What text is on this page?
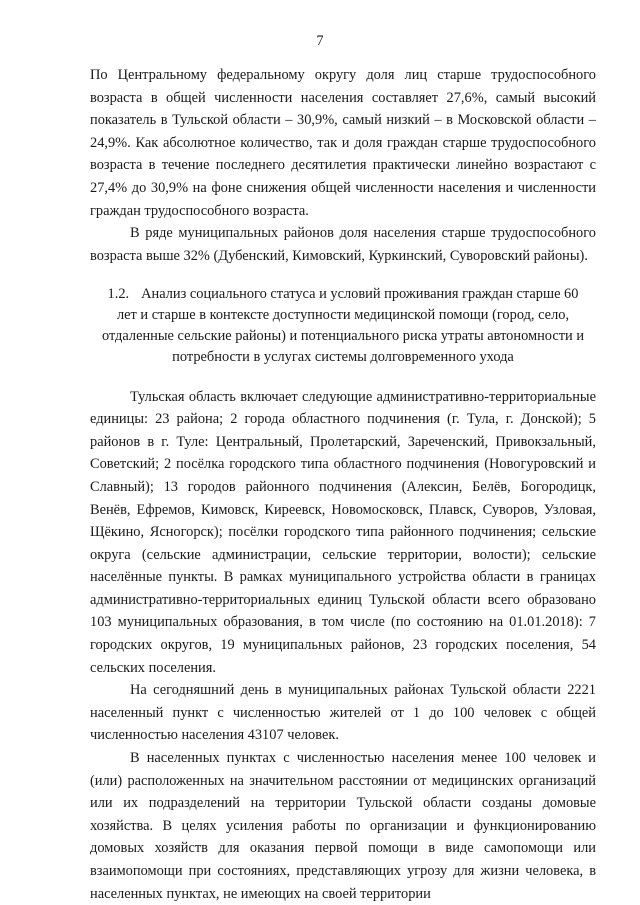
7

По Центральному федеральному округу доля лиц старше трудоспособного возраста в общей численности населения составляет 27,6%, самый высокий показатель в Тульской области – 30,9%, самый низкий – в Московской области – 24,9%. Как абсолютное количество, так и доля граждан старше трудоспособного возраста в течение последнего десятилетия практически линейно возрастают с 27,4% до 30,9% на фоне снижения общей численности населения и численности граждан трудоспособного возраста.

В ряде муниципальных районов доля населения старше трудоспособного возраста выше 32% (Дубенский, Кимовский, Куркинский, Суворовский районы).

1.2. Анализ социального статуса и условий проживания граждан старше 60 лет и старше в контексте доступности медицинской помощи (город, село, отдаленные сельские районы) и потенциального риска утраты автономности и потребности в услугах системы долговременного ухода

Тульская область включает следующие административно-территориальные единицы: 23 района; 2 города областного подчинения (г. Тула, г. Донской); 5 районов в г. Туле: Центральный, Пролетарский, Зареченский, Привокзальный, Советский; 2 посёлка городского типа областного подчинения (Новогуровский и Славный); 13 городов районного подчинения (Алексин, Белёв, Богородицк, Венёв, Ефремов, Кимовск, Киреевск, Новомосковск, Плавск, Суворов, Узловая, Щёкино, Ясногорск); посёлки городского типа районного подчинения; сельские округа (сельские администрации, сельские территории, волости); сельские населённые пункты. В рамках муниципального устройства области в границах административно-территориальных единиц Тульской области всего образовано 103 муниципальных образования, в том числе (по состоянию на 01.01.2018): 7 городских округов, 19 муниципальных районов, 23 городских поселения, 54 сельских поселения.

На сегодняшний день в муниципальных районах Тульской области 2221 населенный пункт с численностью жителей от 1 до 100 человек с общей численностью населения 43107 человек.

В населенных пунктах с численностью населения менее 100 человек и (или) расположенных на значительном расстоянии от медицинских организаций или их подразделений на территории Тульской области созданы домовые хозяйства. В целях усиления работы по организации и функционированию домовых хозяйств для оказания первой помощи в виде самопомощи или взаимопомощи при состояниях, представляющих угрозу для жизни человека, в населенных пунктах, не имеющих на своей территории
